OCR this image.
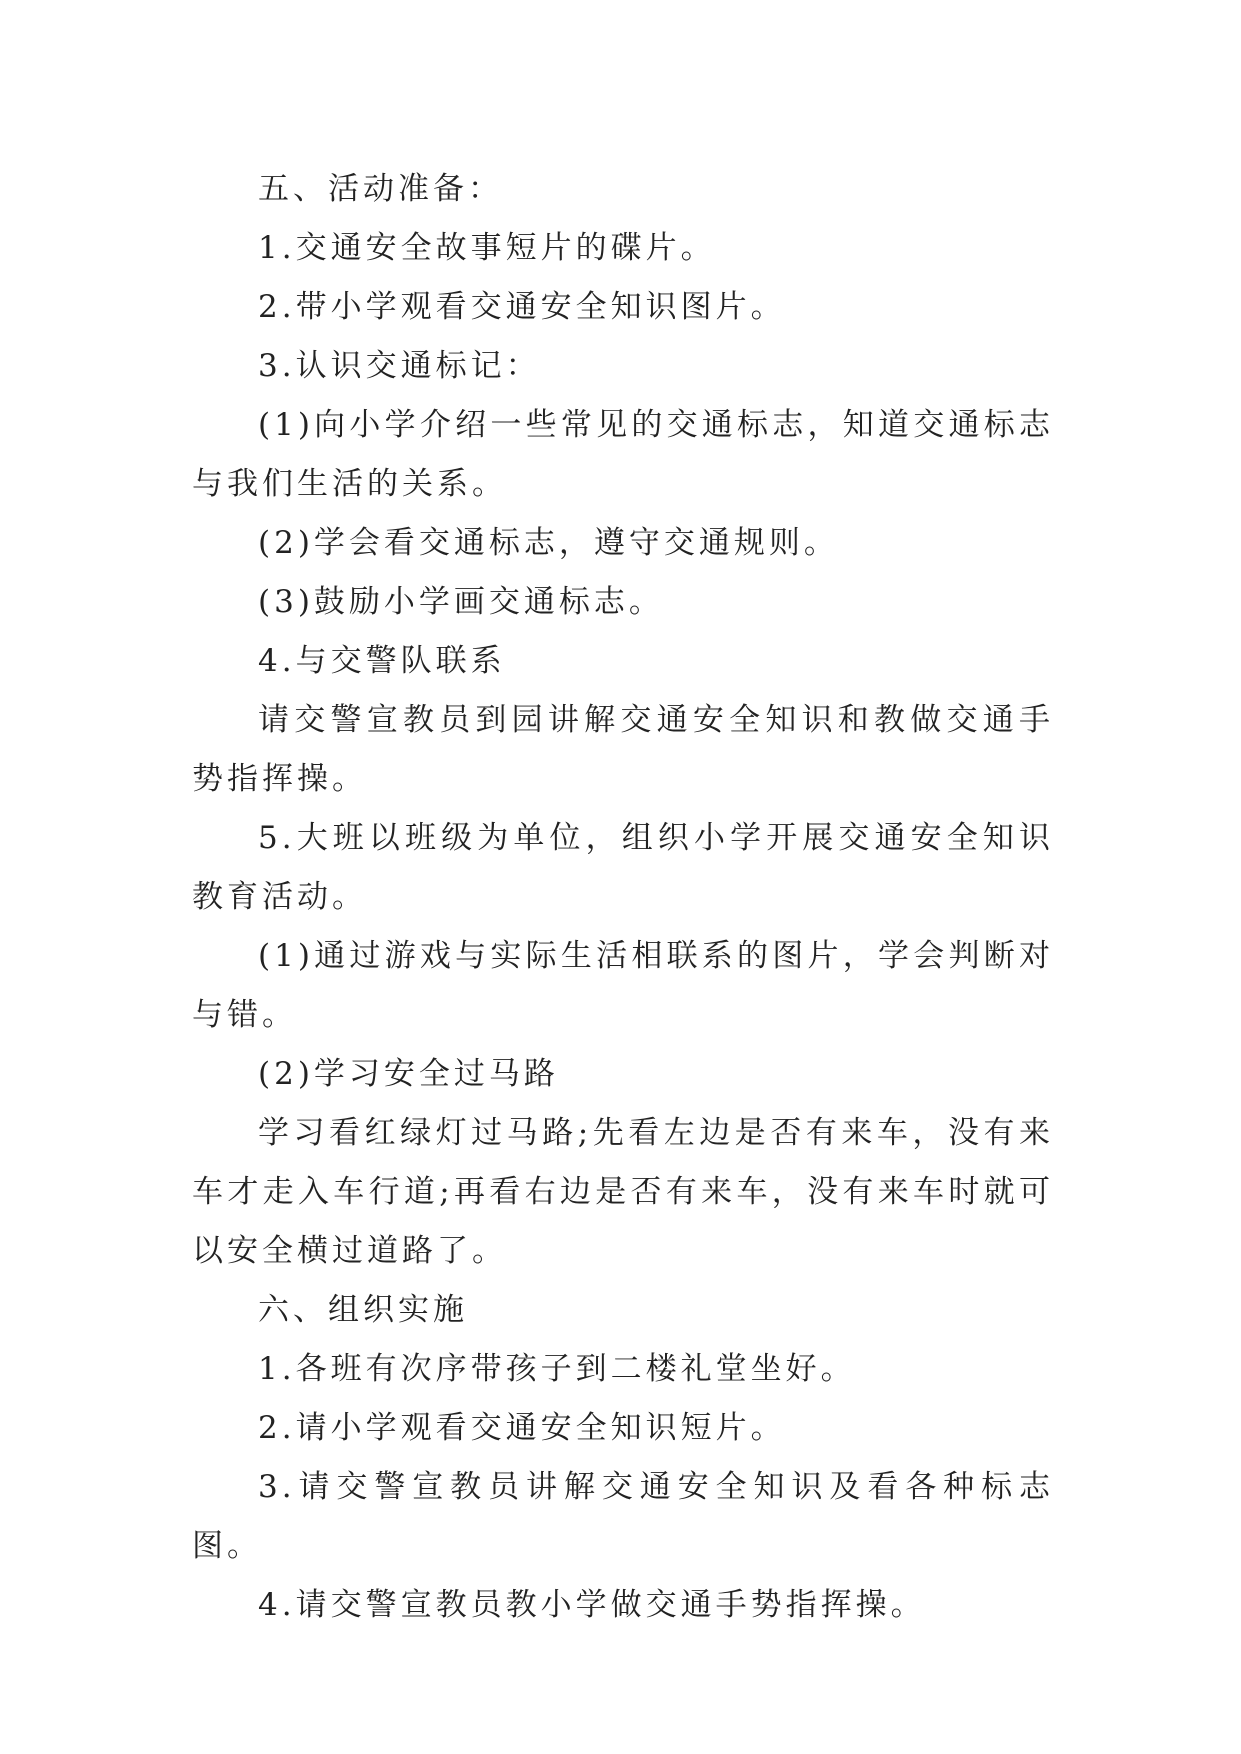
五、活动准备：

1.交通安全故事短片的碟片。

2.带小学观看交通安全知识图片。

3.认识交通标记：

(1)向小学介绍一些常见的交通标志，知道交通标志与我们生活的关系。

(2)学会看交通标志，遵守交通规则。

(3)鼓励小学画交通标志。

4.与交警队联系

请交警宣教员到园讲解交通安全知识和教做交通手势指挥操。

5.大班以班级为单位，组织小学开展交通安全知识教育活动。

(1)通过游戏与实际生活相联系的图片，学会判断对与错。

(2)学习安全过马路

学习看红绿灯过马路;先看左边是否有来车，没有来车才走入车行道;再看右边是否有来车，没有来车时就可以安全横过道路了。

六、组织实施

1.各班有次序带孩子到二楼礼堂坐好。

2.请小学观看交通安全知识短片。

3.请交警宣教员讲解交通安全知识及看各种标志图。

4.请交警宣教员教小学做交通手势指挥操。
